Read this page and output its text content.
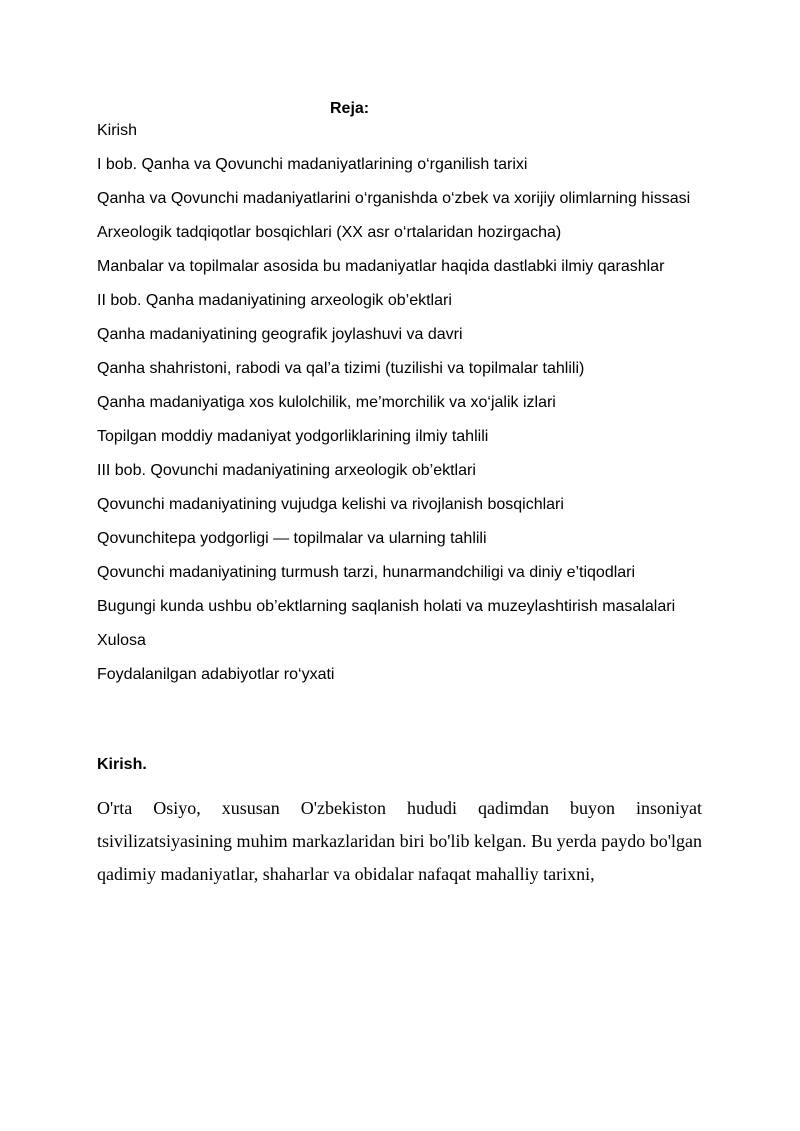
Reja:

Kirish
I bob. Qanha va Qovunchi madaniyatlarining o‘rganilish tarixi
Qanha va Qovunchi madaniyatlarini o‘rganishda o‘zbek va xorijiy olimlarning hissasi
Arxeologik tadqiqotlar bosqichlari (XX asr o‘rtalaridan hozirgacha)
Manbalar va topilmalar asosida bu madaniyatlar haqida dastlabki ilmiy qarashlar
II bob. Qanha madaniyatining arxeologik ob’ektlari
Qanha madaniyatining geografik joylashuvi va davri
Qanha shahristoni, rabodi va qal’a tizimi (tuzilishi va topilmalar tahlili)
Qanha madaniyatiga xos kulolchilik, me’morchilik va xo‘jalik izlari
Topilgan moddiy madaniyat yodgorliklarining ilmiy tahlili
III bob. Qovunchi madaniyatining arxeologik ob’ektlari
Qovunchi madaniyatining vujudga kelishi va rivojlanish bosqichlari
Qovunchitepa yodgorligi — topilmalar va ularning tahlili
Qovunchi madaniyatining turmush tarzi, hunarmandchiligi va diniy e’tiqodlari
Bugungi kunda ushbu ob’ektlarning saqlanish holati va muzeylashtirish masalalari
Xulosa
Foydalanilgan adabiyotlar ro‘yxati

Kirish.

O'rta Osiyo, xususan O'zbekiston hududi qadimdan buyon insoniyat tsivilizatsiyasining muhim markazlaridan biri bo'lib kelgan. Bu yerda paydo bo'lgan qadimiy madaniyatlar, shaharlar va obidalar nafaqat mahalliy tarixni,
